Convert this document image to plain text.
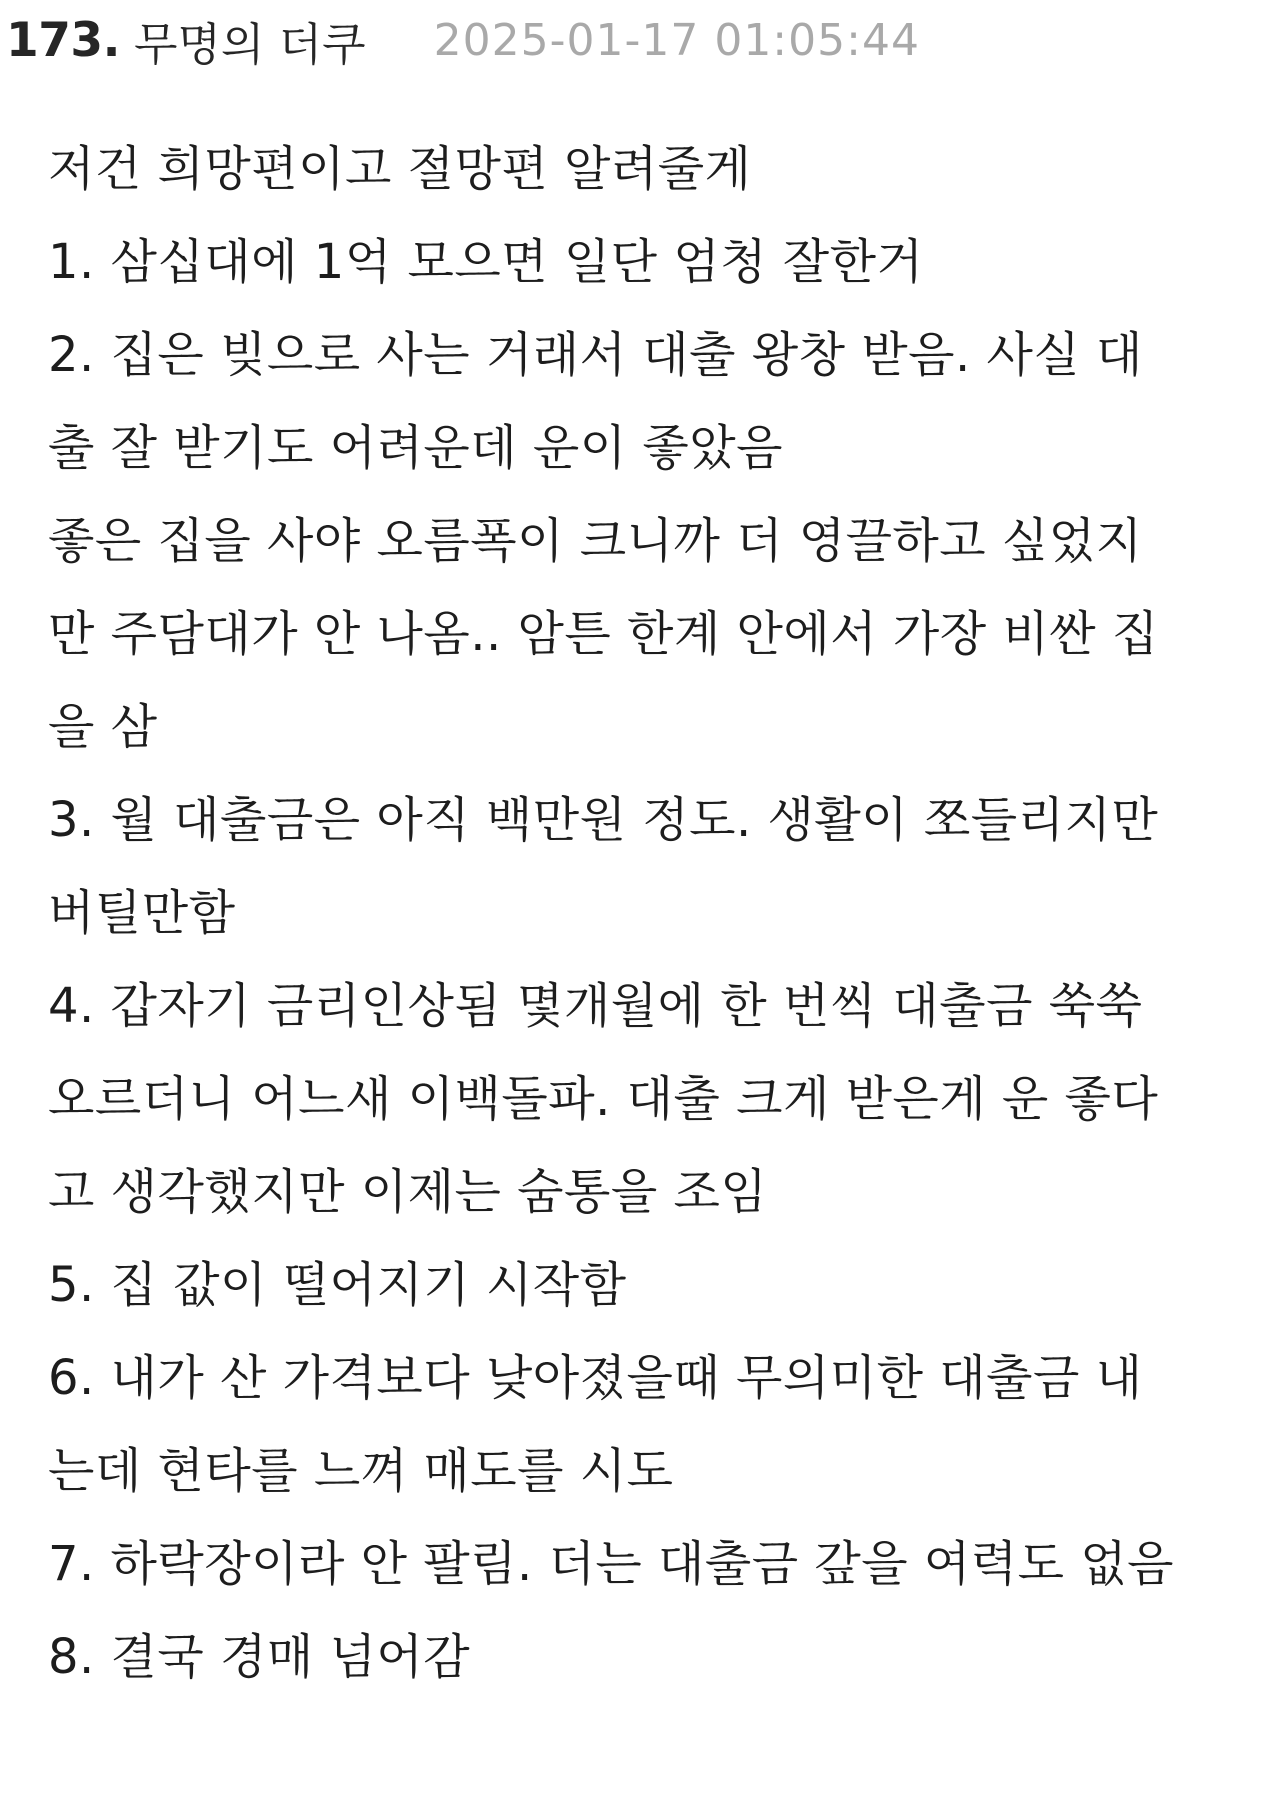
173. 무명의 더쿠 2025-01-17 01:05:44
저건 희망편이고 절망편 알려줄게
1. 삼십대에 1억 모으면 일단 엄청 잘한거
2. 집은 빚으로 사는 거래서 대출 왕창 받음. 사실 대
출 잘 받기도 어려운데 운이 좋았음
좋은 집을 사야 오름폭이 크니까 더 영끌하고 싶었지
만 주담대가 안 나옴.. 암튼 한계 안에서 가장 비싼 집
을 삼
3. 월 대출금은 아직 백만원 정도. 생활이 쪼들리지만
버틸만함
4. 갑자기 금리인상됨 몇개월에 한 번씩 대출금 쑥쑥
오르더니 어느새 이백돌파. 대출 크게 받은게 운 좋다
고 생각했지만 이제는 숨통을 조임
5. 집 값이 떨어지기 시작함
6. 내가 산 가격보다 낮아졌을때 무의미한 대출금 내
는데 현타를 느껴 매도를 시도
7. 하락장이라 안 팔림. 더는 대출금 갚을 여력도 없음
8. 결국 경매 넘어감
